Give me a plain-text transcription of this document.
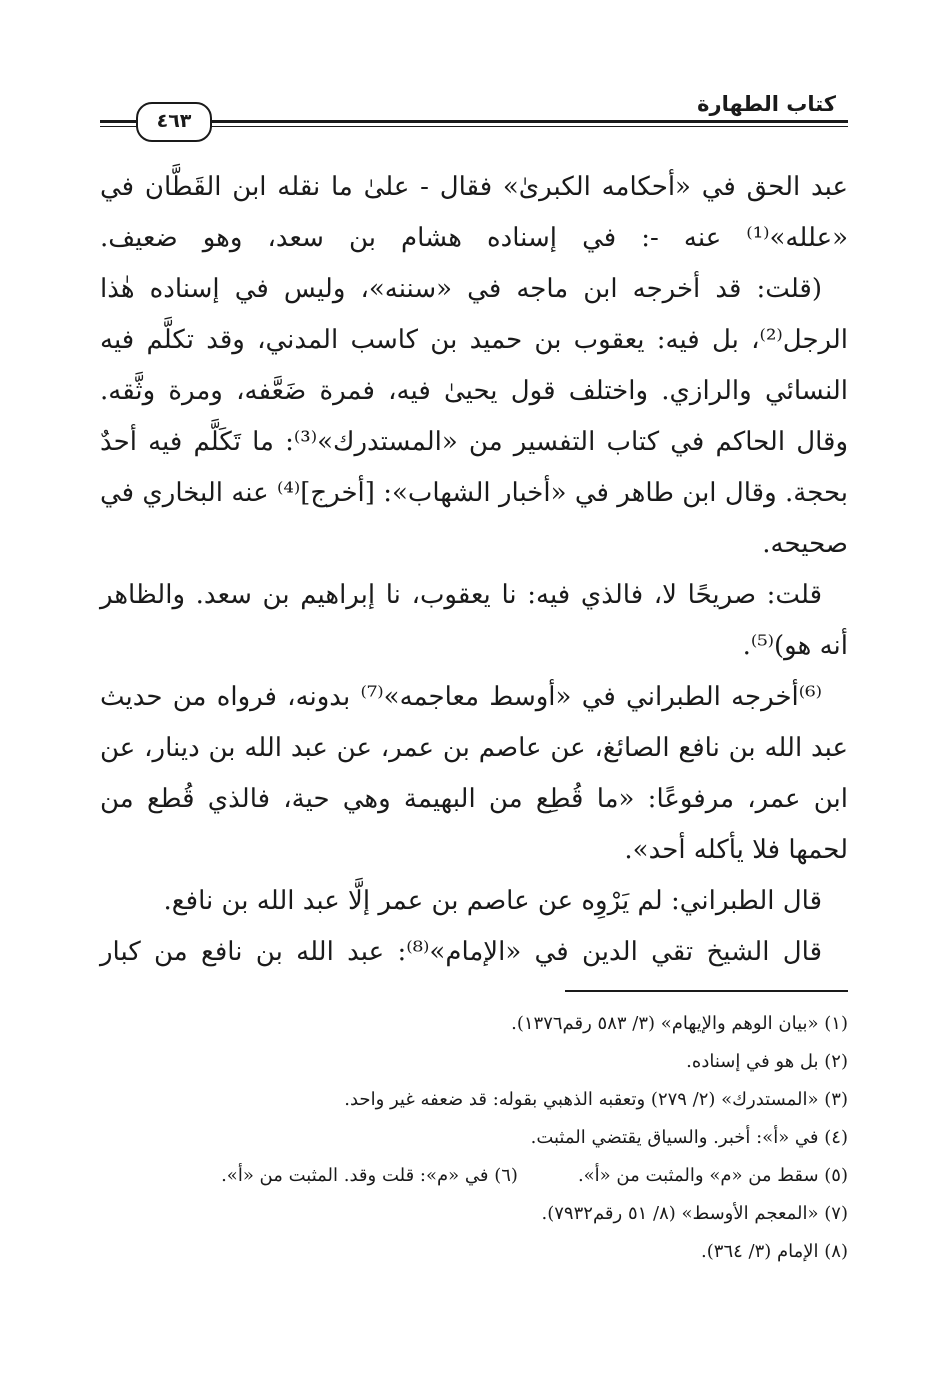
كتاب الطهارة
٤٦٣

عبد الحق في «أحكامه الكبرىٰ» فقال - علىٰ ما نقله ابن القَطَّان في «علله»⁽¹⁾ عنه -: في إسناده هشام بن سعد، وهو ضعيف.

(قلت: قد أخرجه ابن ماجه في «سننه»، وليس في إسناده هٰذا الرجل⁽²⁾، بل فيه: يعقوب بن حميد بن كاسب المدني، وقد تكلَّم فيه النسائي والرازي. واختلف قول يحيىٰ فيه، فمرة ضَعَّفه، ومرة وثَّقه. وقال الحاكم في كتاب التفسير من «المستدرك»⁽³⁾: ما تَكَلَّم فيه أحدٌ بحجة. وقال ابن طاهر في «أخبار الشهاب»: [أخرج]⁽⁴⁾ عنه البخاري في صحيحه.

قلت: صريحًا لا، فالذي فيه: نا يعقوب، نا إبراهيم بن سعد. والظاهر أنه هو)⁽⁵⁾.

⁽⁶⁾أخرجه الطبراني في «أوسط معاجمه»⁽⁷⁾ بدونه، فرواه من حديث عبد الله بن نافع الصائغ، عن عاصم بن عمر، عن عبد الله بن دينار، عن ابن عمر، مرفوعًا: «ما قُطِع من البهيمة وهي حية، فالذي قُطع من لحمها فلا يأكله أحد».

قال الطبراني: لم يَرْوِه عن عاصم بن عمر إلَّا عبد الله بن نافع.

قال الشيخ تقي الدين في «الإمام»⁽⁸⁾: عبد الله بن نافع من كبار

(١) «بيان الوهم والإيهام» (٣/ ٥٨٣ رقم١٣٧٦).

(٢) بل هو في إسناده.

(٣) «المستدرك» (٢/ ٢٧٩) وتعقبه الذهبي بقوله: قد ضعفه غير واحد.

(٤) في «أ»: أخبر. والسياق يقتضي المثبت.

(٥) سقط من «م» والمثبت من «أ».(٦) في «م»: قلت وقد. المثبت من «أ».

(٧) «المعجم الأوسط» (٨/ ٥١ رقم٧٩٣٢).

(٨) الإمام (٣/ ٣٦٤).
